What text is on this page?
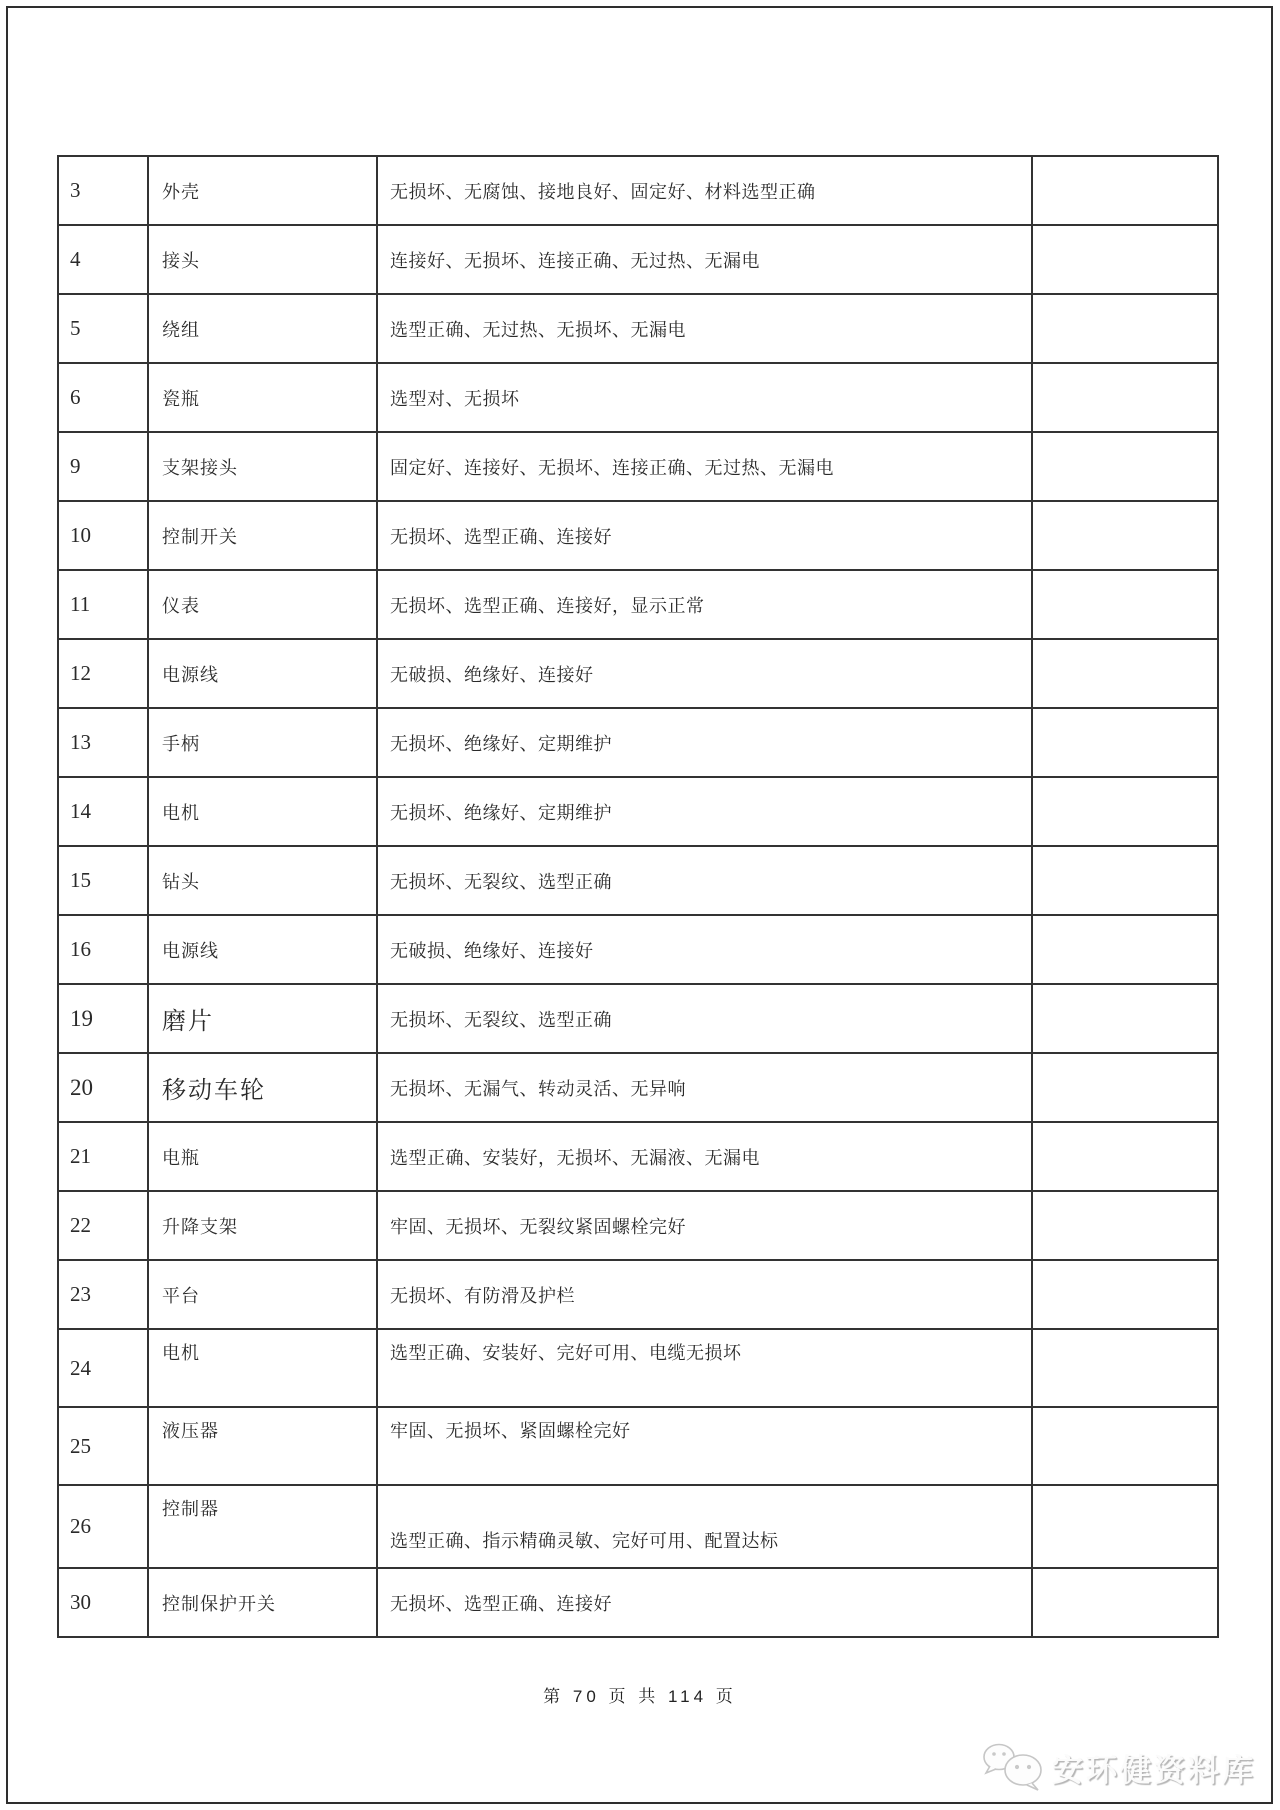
3	外壳	无损坏、无腐蚀、接地良好、固定好、材料选型正确	
4	接头	连接好、无损坏、连接正确、无过热、无漏电	
5	绕组	选型正确、无过热、无损坏、无漏电	
6	瓷瓶	选型对、无损坏	
9	支架接头	固定好、连接好、无损坏、连接正确、无过热、无漏电	
10	控制开关	无损坏、选型正确、连接好	
11	仪表	无损坏、选型正确、连接好，显示正常	
12	电源线	无破损、绝缘好、连接好	
13	手柄	无损坏、绝缘好、定期维护	
14	电机	无损坏、绝缘好、定期维护	
15	钻头	无损坏、无裂纹、选型正确	
16	电源线	无破损、绝缘好、连接好	
19	磨片	无损坏、无裂纹、选型正确	
20	移动车轮	无损坏、无漏气、转动灵活、无异响	
21	电瓶	选型正确、安装好，无损坏、无漏液、无漏电	
22	升降支架	牢固、无损坏、无裂纹紧固螺栓完好	
23	平台	无损坏、有防滑及护栏	
24	电机	选型正确、安装好、完好可用、电缆无损坏	
25	液压器	牢固、无损坏、紧固螺栓完好	
26	控制器	选型正确、指示精确灵敏、完好可用、配置达标	
30	控制保护开关	无损坏、选型正确、连接好	
第 70 页 共 114 页
安环健资料库
